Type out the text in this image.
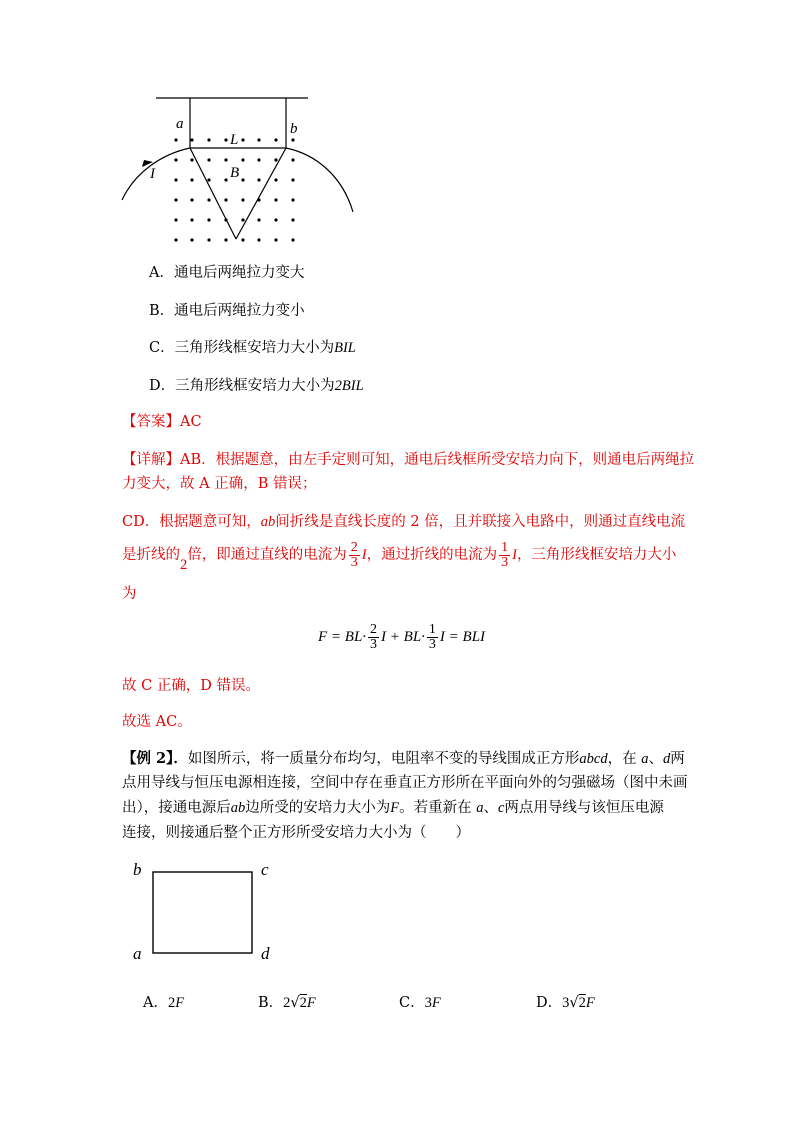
a	b
L
I	B
A．通电后两绳拉力变大
B．通电后两绳拉力变小
C．三角形线框安培力大小为BIL
D．三角形线框安培力大小为2BIL
【答案】AC
【详解】AB．根据题意，由左手定则可知，通电后线框所受安培力向下，则通电后两绳拉
力变大，故 A 正确，B 错误；
CD．根据题意可知，ab间折线是直线长度的 2 倍，且并联接入电路中，则通过直线电流
是折线的2倍，即通过直线的电流为 $\frac{2}{3}$ I，通过折线的电流为 $\frac{1}{3}$ I，三角形线框安培力大小
为
$F = BL\cdot \frac{2}{3}$ $I + BL\cdot \frac{1}{3}$ I = BLI
故 C 正确，D 错误。
故选 AC。
【例 2】．如图所示，将一质量分布均匀，电阻率不变的导线围成正方形abcd，在 a、d两
点用导线与恒压电源相连接，空间中存在垂直正方形所在平面向外的匀强磁场（图中未画
出），接通电源后ab边所受的安培力大小为F。若重新在 a、c两点用导线与该恒压电源
连接，则接通后整个正方形所受安培力大小为（　　）
b	c
a	d
A．2F	B．2√2F	C．3F	D．3√2F
